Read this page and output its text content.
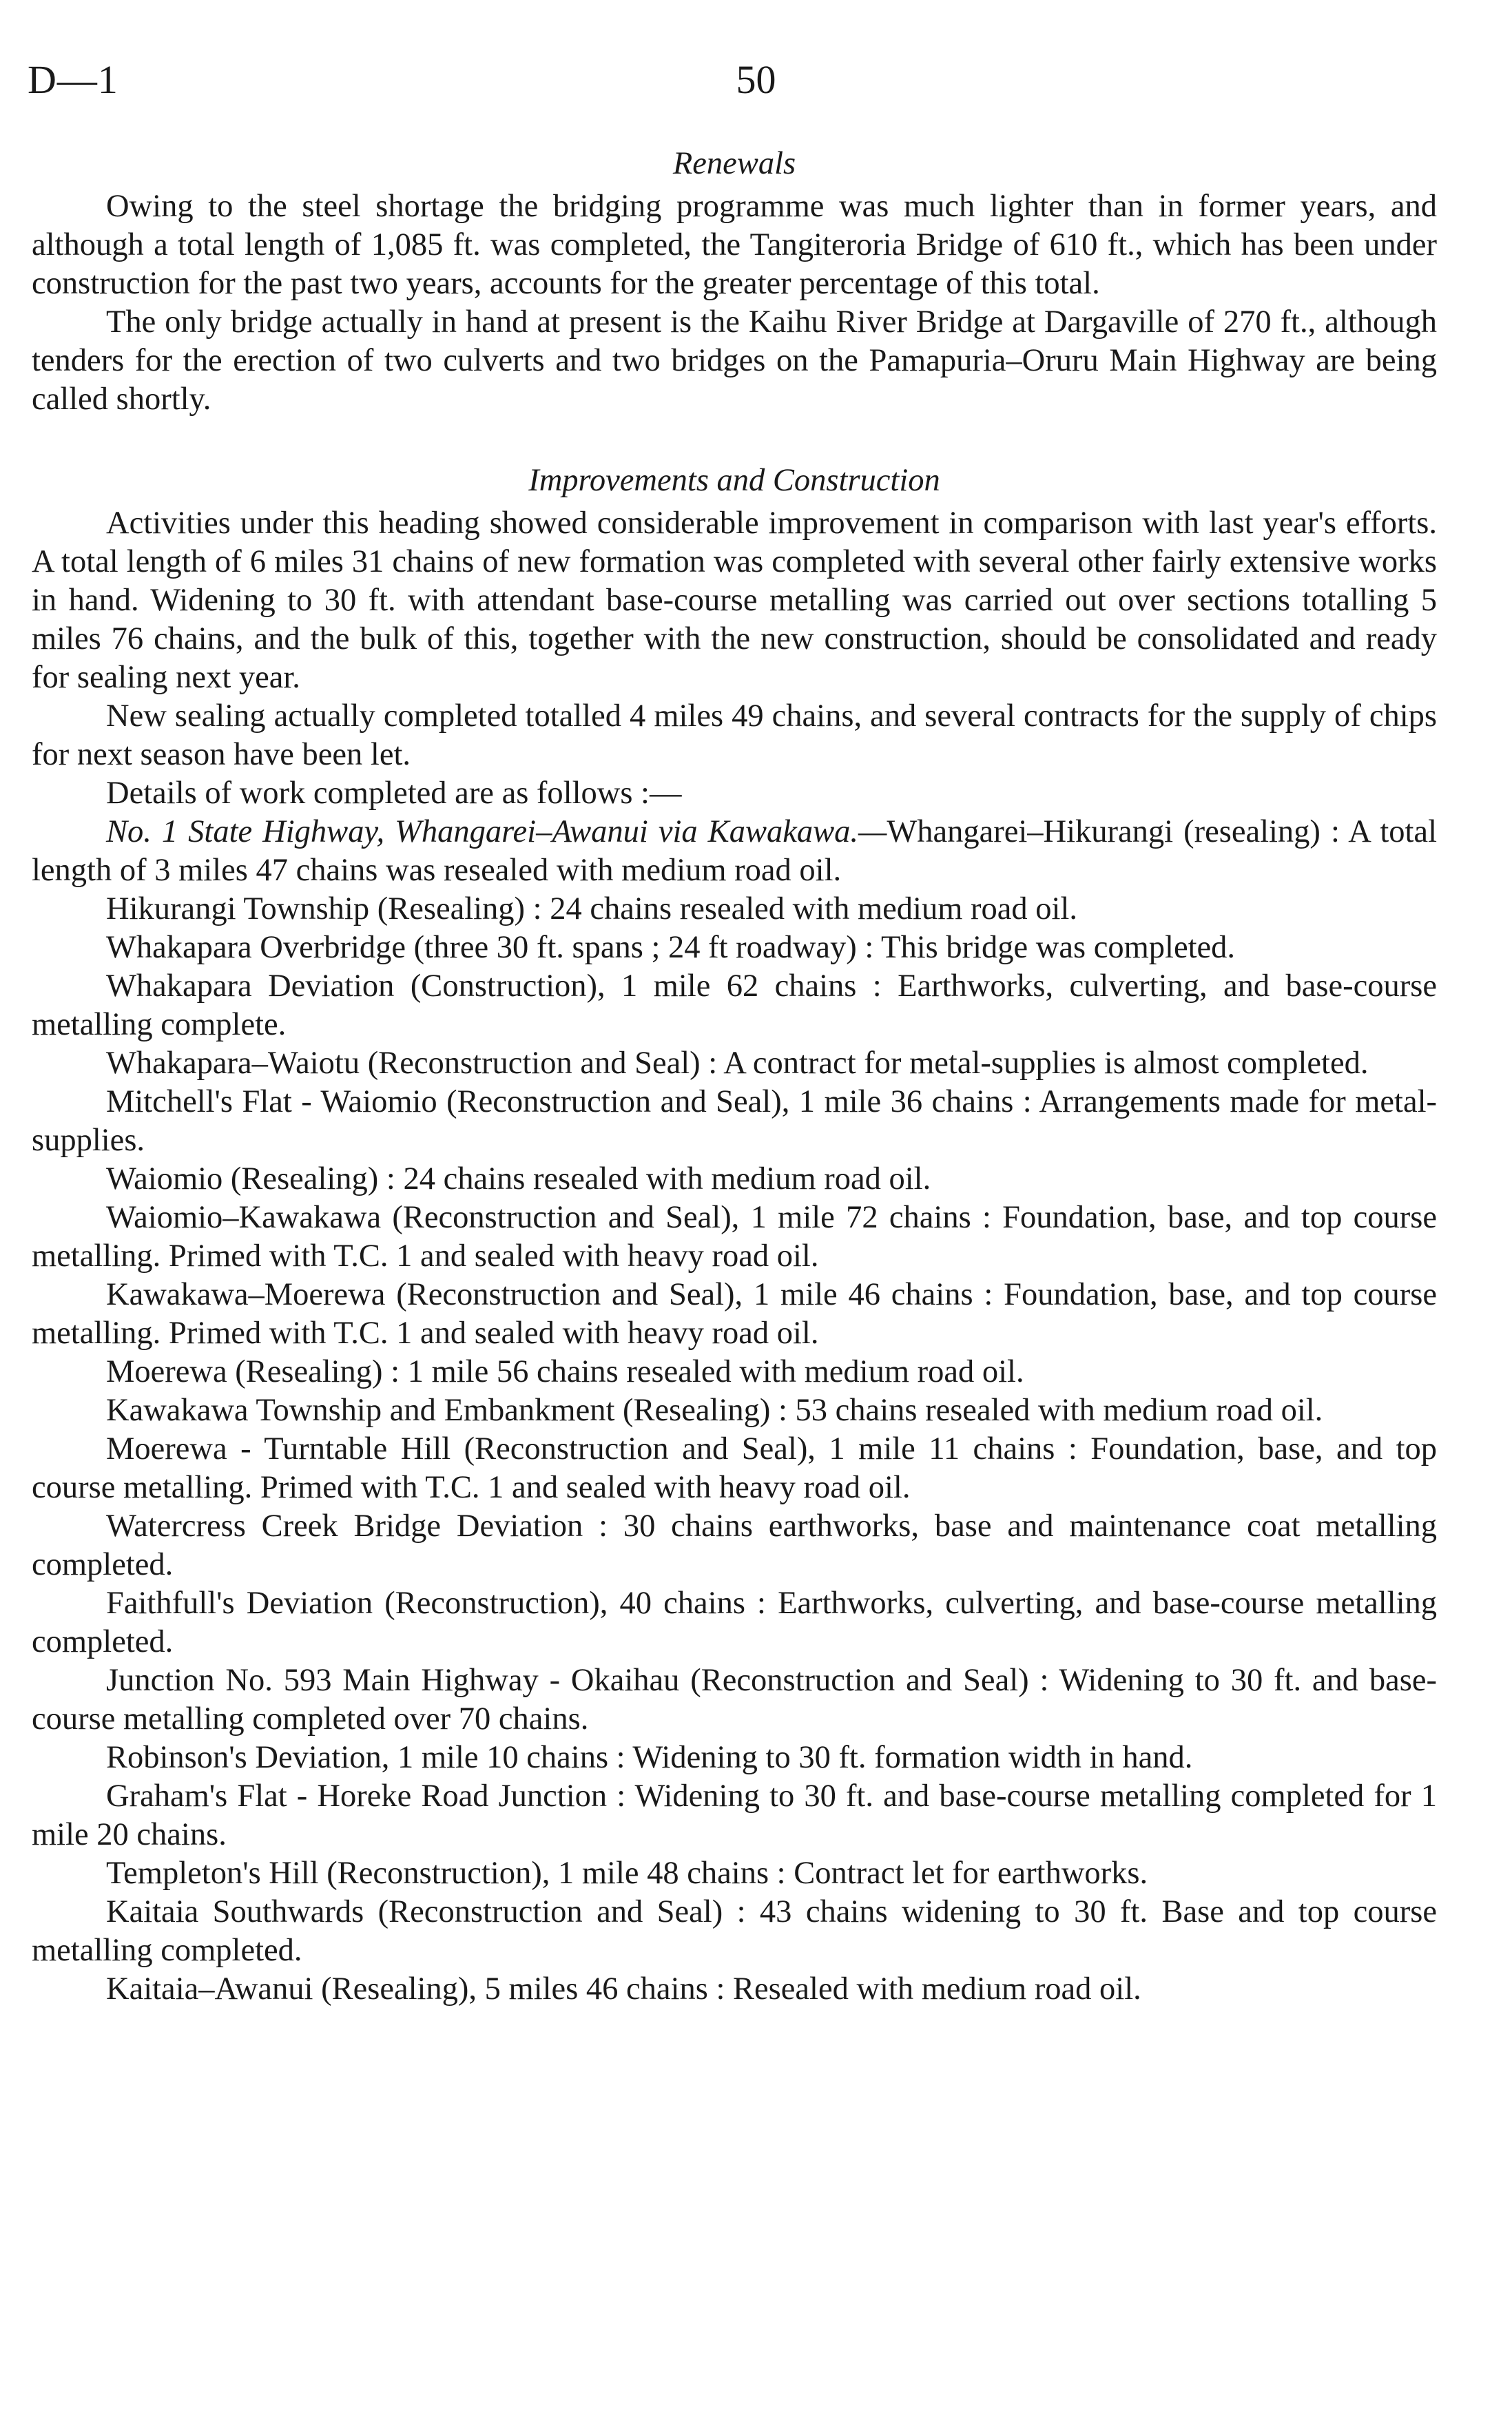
D—1	50
Renewals

Owing to the steel shortage the bridging programme was much lighter than in former years, and although a total length of 1,085 ft. was completed, the Tangiteroria Bridge of 610 ft., which has been under construction for the past two years, accounts for the greater percentage of this total.

The only bridge actually in hand at present is the Kaihu River Bridge at Dargaville of 270 ft., although tenders for the erection of two culverts and two bridges on the Pamapuria–Oruru Main Highway are being called shortly.

Improvements and Construction

Activities under this heading showed considerable improvement in comparison with last year's efforts. A total length of 6 miles 31 chains of new formation was completed with several other fairly extensive works in hand. Widening to 30 ft. with attendant base-course metalling was carried out over sections totalling 5 miles 76 chains, and the bulk of this, together with the new construction, should be consolidated and ready for sealing next year.

New sealing actually completed totalled 4 miles 49 chains, and several contracts for the supply of chips for next season have been let.

Details of work completed are as follows :—

No. 1 State Highway, Whangarei–Awanui via Kawakawa.—Whangarei–Hikurangi (resealing) : A total length of 3 miles 47 chains was resealed with medium road oil.

Hikurangi Township (Resealing) : 24 chains resealed with medium road oil.

Whakapara Overbridge (three 30 ft. spans ; 24 ft roadway) : This bridge was completed.

Whakapara Deviation (Construction), 1 mile 62 chains : Earthworks, culverting, and base-course metalling complete.

Whakapara–Waiotu (Reconstruction and Seal) : A contract for metal-supplies is almost completed.

Mitchell's Flat - Waiomio (Reconstruction and Seal), 1 mile 36 chains : Arrangements made for metal-supplies.

Waiomio (Resealing) : 24 chains resealed with medium road oil.

Waiomio–Kawakawa (Reconstruction and Seal), 1 mile 72 chains : Foundation, base, and top course metalling. Primed with T.C. 1 and sealed with heavy road oil.

Kawakawa–Moerewa (Reconstruction and Seal), 1 mile 46 chains : Foundation, base, and top course metalling. Primed with T.C. 1 and sealed with heavy road oil.

Moerewa (Resealing) : 1 mile 56 chains resealed with medium road oil.

Kawakawa Township and Embankment (Resealing) : 53 chains resealed with medium road oil.

Moerewa - Turntable Hill (Reconstruction and Seal), 1 mile 11 chains : Foundation, base, and top course metalling. Primed with T.C. 1 and sealed with heavy road oil.

Watercress Creek Bridge Deviation : 30 chains earthworks, base and maintenance coat metalling completed.

Faithfull's Deviation (Reconstruction), 40 chains : Earthworks, culverting, and base-course metalling completed.

Junction No. 593 Main Highway - Okaihau (Reconstruction and Seal) : Widening to 30 ft. and base-course metalling completed over 70 chains.

Robinson's Deviation, 1 mile 10 chains : Widening to 30 ft. formation width in hand.

Graham's Flat - Horeke Road Junction : Widening to 30 ft. and base-course metalling completed for 1 mile 20 chains.

Templeton's Hill (Reconstruction), 1 mile 48 chains : Contract let for earthworks.

Kaitaia Southwards (Reconstruction and Seal) : 43 chains widening to 30 ft. Base and top course metalling completed.

Kaitaia–Awanui (Resealing), 5 miles 46 chains : Resealed with medium road oil.
